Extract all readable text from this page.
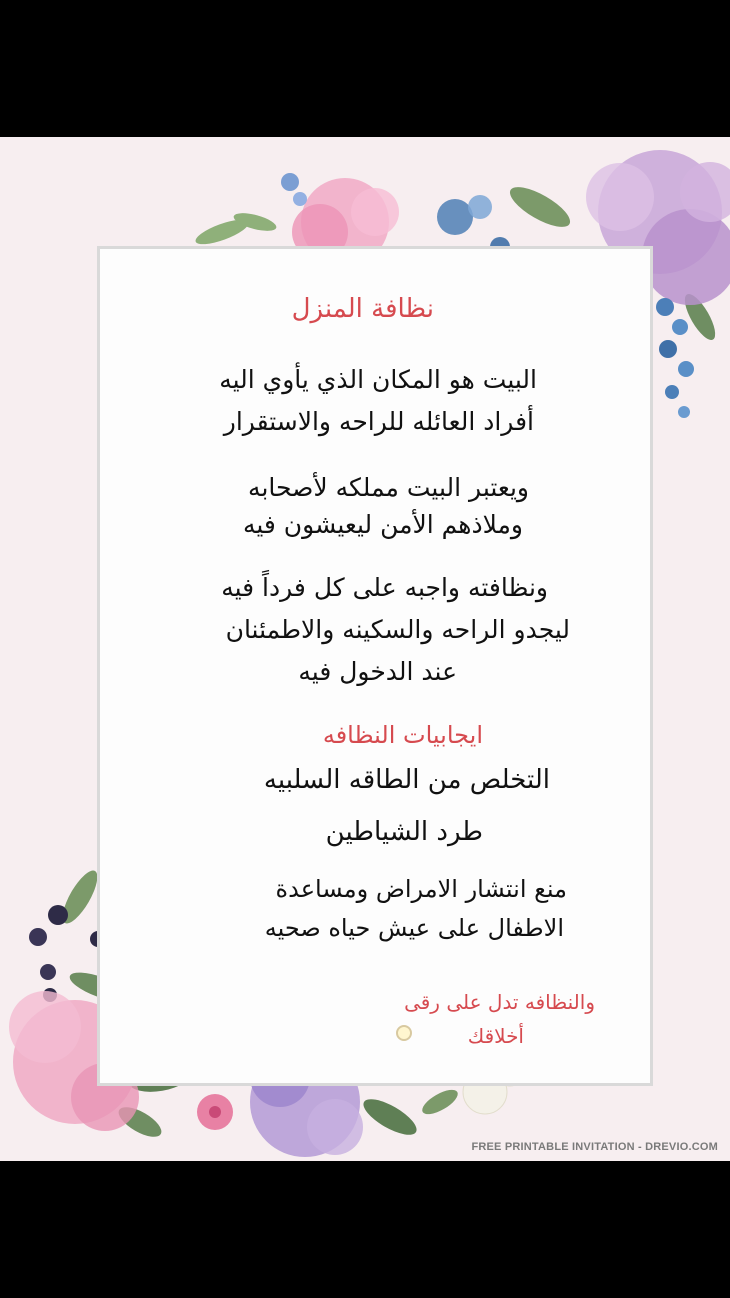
نظافة المنزل
البيت هو المكان الذي يأوي اليه
أفراد العائله للراحه والاستقرار
ويعتبر البيت مملكه لأصحابه
وملاذهم الأمن ليعيشون فيه
ونظافته واجبه على كل فرداً فيه
ليجدو الراحه والسكينه والاطمئنان
عند الدخول فيه
ايجابيات النظافه
التخلص من الطاقه السلبيه
طرد الشياطين
منع انتشار الامراض ومساعدة
الاطفال على عيش حياه صحيه
والنظافه تدل على رقى
أخلاقك
FREE PRINTABLE INVITATION - DREVIO.COM
